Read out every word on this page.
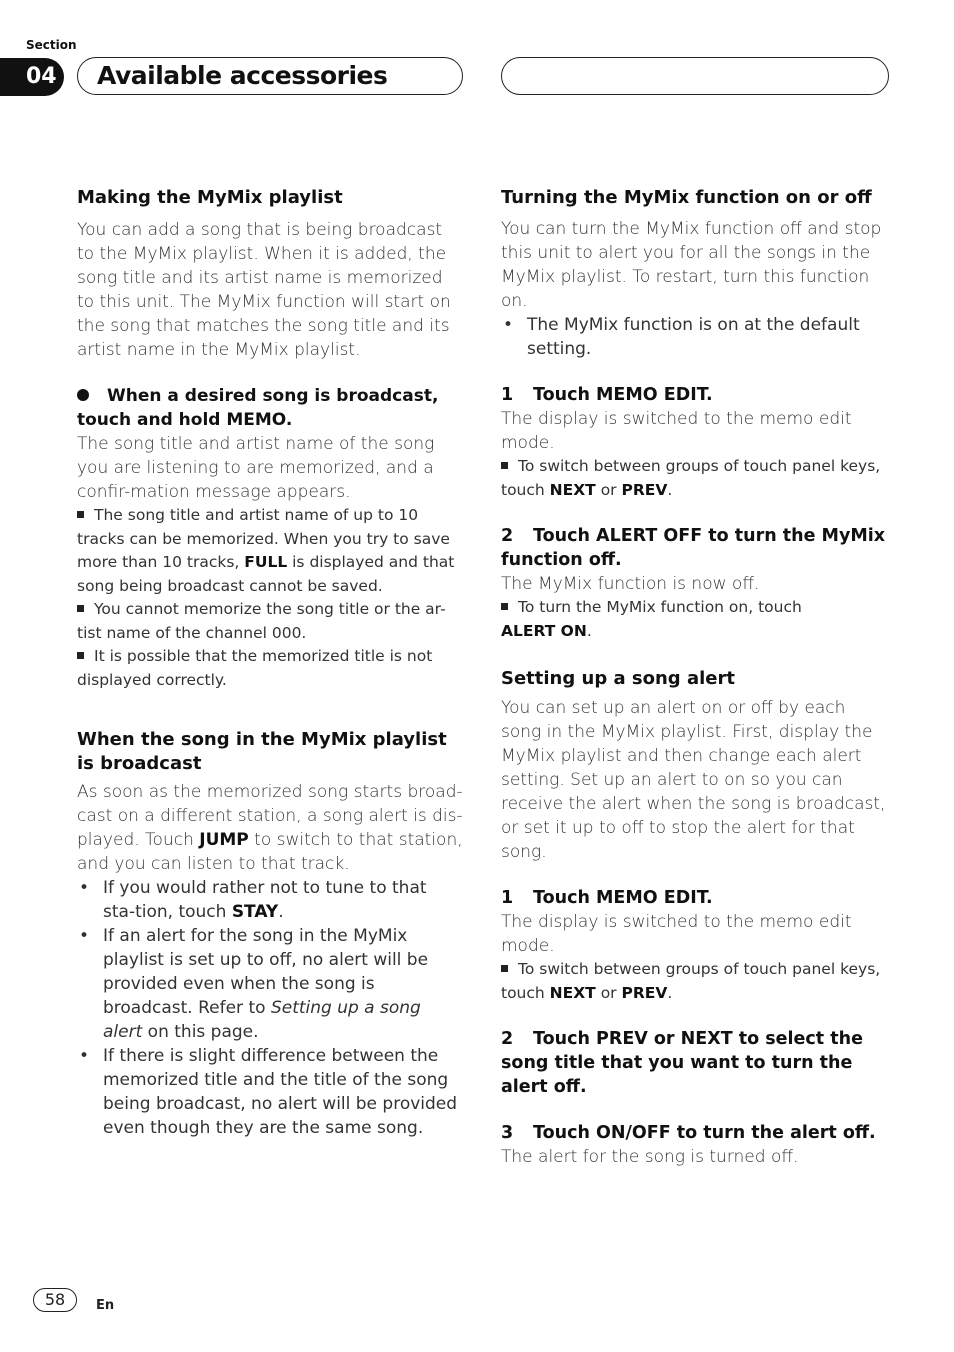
Section
04 Available accessories
Making the MyMix playlist

You can add a song that is being broadcast to the MyMix playlist. When it is added, the song title and its artist name is memorized to this unit. The MyMix function will start on the song that matches the song title and its artist name in the MyMix playlist.

When a desired song is broadcast, touch and hold MEMO.

The song title and artist name of the song you are listening to are memorized, and a confir-mation message appears.

The song title and artist name of up to 10 tracks can be memorized. When you try to save more than 10 tracks, FULL is displayed and that song being broadcast cannot be saved.
You cannot memorize the song title or the ar-tist name of the channel 000.
It is possible that the memorized title is not displayed correctly.
When the song in the MyMix playlist is broadcast

As soon as the memorized song starts broad-cast on a different station, a song alert is dis-played. Touch JUMP to switch to that station, and you can listen to that track.

• If you would rather not to tune to that sta-tion, touch STAY.
• If an alert for the song in the MyMix playlist is set up to off, no alert will be provided even when the song is broadcast. Refer to Setting up a song alert on this page.
• If there is slight difference between the memorized title and the title of the song being broadcast, no alert will be provided even though they are the same song.
Turning the MyMix function on or off

You can turn the MyMix function off and stop this unit to alert you for all the songs in the MyMix playlist. To restart, turn this function on.

• The MyMix function is on at the default setting.
1 Touch MEMO EDIT.

The display is switched to the memo edit mode.

To switch between groups of touch panel keys, touch NEXT or PREV.
2 Touch ALERT OFF to turn the MyMix function off.

The MyMix function is now off.

To turn the MyMix function on, touch
ALERT ON.
Setting up a song alert

You can set up an alert on or off by each song in the MyMix playlist. First, display the MyMix playlist and then change each alert setting. Set up an alert to on so you can receive the alert when the song is broadcast, or set it up to off to stop the alert for that song.

1 Touch MEMO EDIT.

The display is switched to the memo edit mode.

To switch between groups of touch panel keys, touch NEXT or PREV.
2 Touch PREV or NEXT to select the song title that you want to turn the alert off.
3 Touch ON/OFF to turn the alert off.

The alert for the song is turned off.

58	En
